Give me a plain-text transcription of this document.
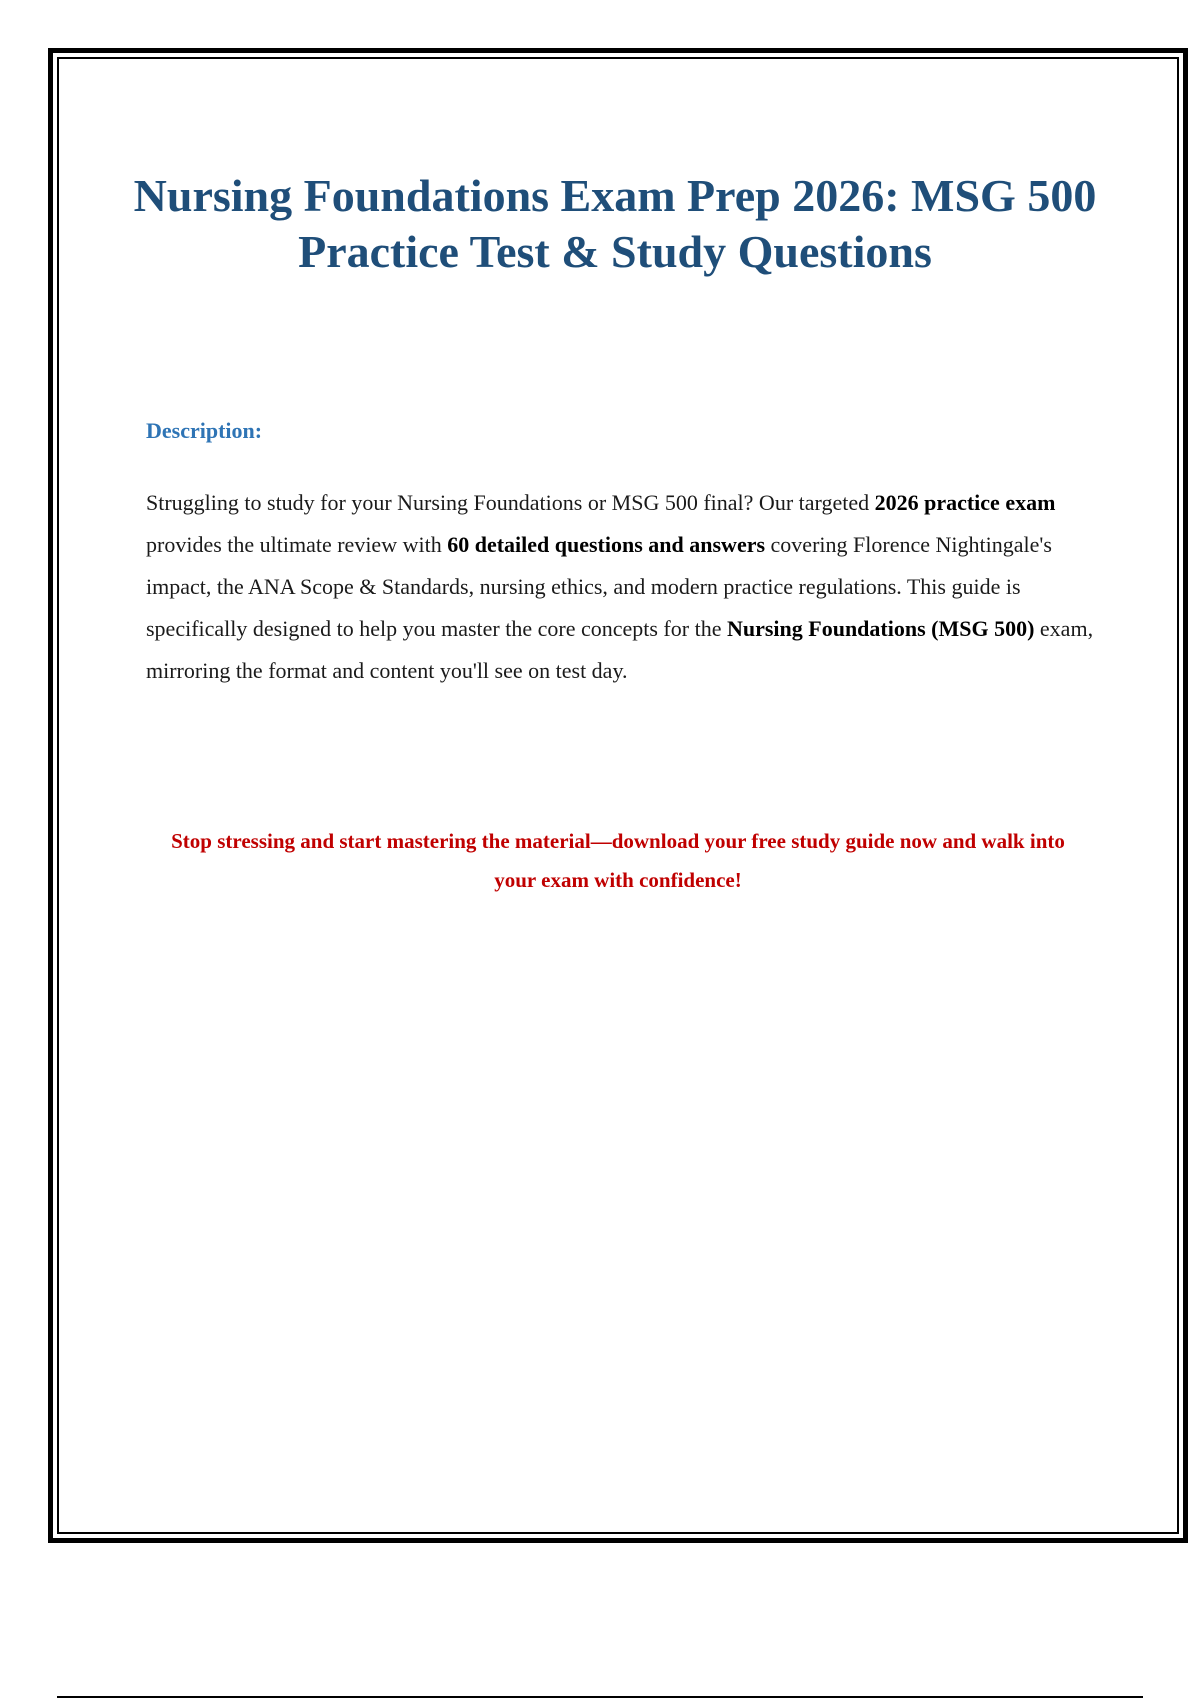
Nursing Foundations Exam Prep 2026: MSG 500 Practice Test & Study Questions
Description:

Struggling to study for your Nursing Foundations or MSG 500 final? Our targeted 2026 practice exam provides the ultimate review with 60 detailed questions and answers covering Florence Nightingale's impact, the ANA Scope & Standards, nursing ethics, and modern practice regulations. This guide is specifically designed to help you master the core concepts for the Nursing Foundations (MSG 500) exam, mirroring the format and content you'll see on test day.

Stop stressing and start mastering the material—download your free study guide now and walk into your exam with confidence!
